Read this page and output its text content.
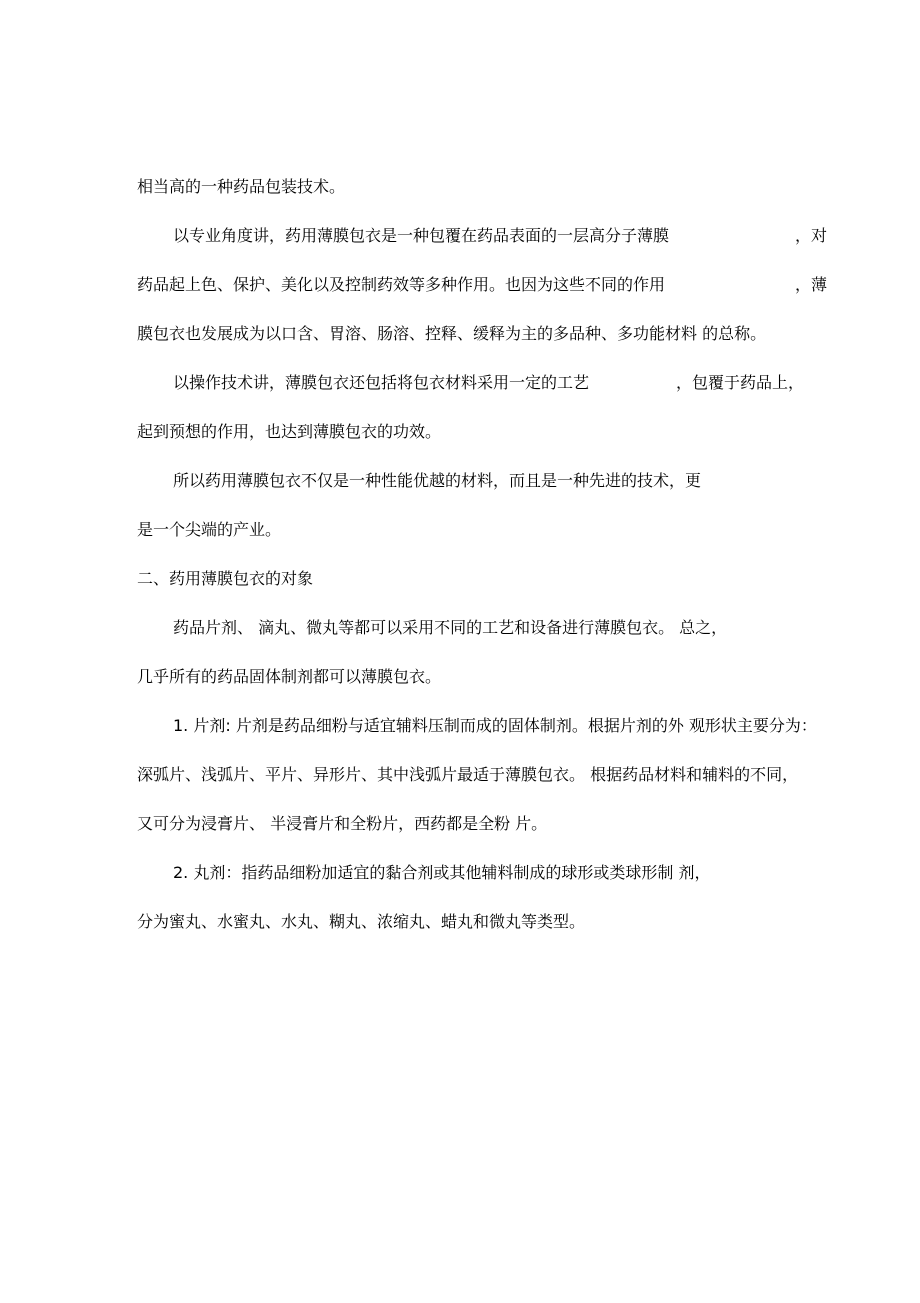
相当高的一种药品包装技术。
以专业角度讲，药用薄膜包衣是一种包覆在药品表面的一层高分子薄膜	，对
药品起上色、保护、美化以及控制药效等多种作用。也因为这些不同的作用	，薄
膜包衣也发展成为以口含、胃溶、肠溶、控释、缓释为主的多品种、多功能材料 的总称。
以操作技术讲，薄膜包衣还包括将包衣材料采用一定的工艺	，包覆于药品上，
起到预想的作用，也达到薄膜包衣的功效。
所以药用薄膜包衣不仅是一种性能优越的材料，而且是一种先进的技术，更
是一个尖端的产业。
二、药用薄膜包衣的对象
药品片剂、 滴丸、微丸等都可以采用不同的工艺和设备进行薄膜包衣。 总之，
几乎所有的药品固体制剂都可以薄膜包衣。
1. 片剂: 片剂是药品细粉与适宜辅料压制而成的固体制剂。根据片剂的外 观形状主要分为：
深弧片、浅弧片、平片、异形片、其中浅弧片最适于薄膜包衣。 根据药品材料和辅料的不同，
又可分为浸膏片、 半浸膏片和全粉片，西药都是全粉 片。
2. 丸剂：指药品细粉加适宜的黏合剂或其他辅料制成的球形或类球形制 剂，
分为蜜丸、水蜜丸、水丸、糊丸、浓缩丸、蜡丸和微丸等类型。
